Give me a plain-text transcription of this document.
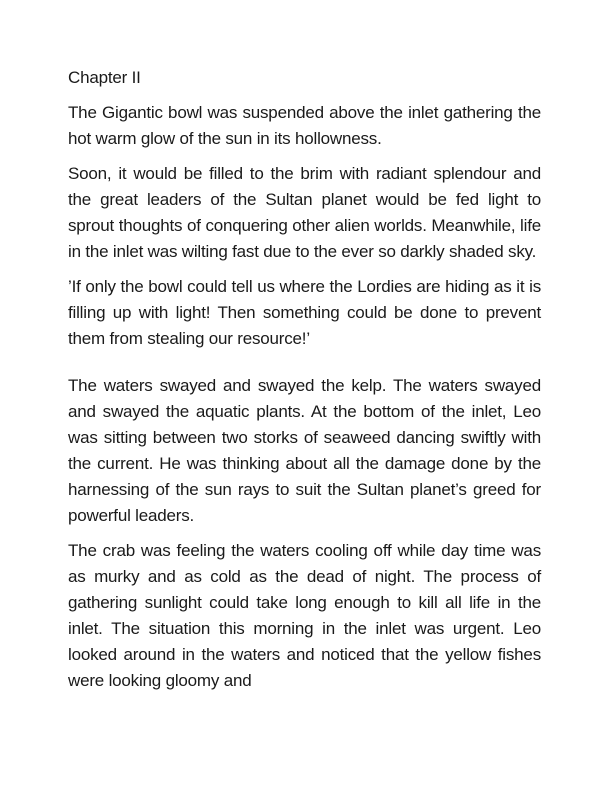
Chapter II

The Gigantic bowl was suspended above the inlet gathering the hot warm glow of the sun in its hollowness.

Soon, it would be filled to the brim with radiant splendour and the great leaders of the Sultan planet would be fed light to sprout thoughts of conquering other alien worlds. Meanwhile, life in the inlet was wilting fast due to the ever so darkly shaded sky.

’If only the bowl could tell us where the Lordies are hiding as it is filling up with light! Then something could be done to prevent them from stealing our resource!’

The waters swayed and swayed the kelp. The waters swayed and swayed the aquatic plants. At the bottom of the inlet, Leo was sitting between two storks of seaweed dancing swiftly with the current. He was thinking about all the damage done by the harnessing of the sun rays to suit the Sultan planet’s greed for powerful leaders.

The crab was feeling the waters cooling off while day time was as murky and as cold as the dead of night. The process of gathering sunlight could take long enough to kill all life in the inlet. The situation this morning in the inlet was urgent. Leo looked around in the waters and noticed that the yellow fishes were looking gloomy and
